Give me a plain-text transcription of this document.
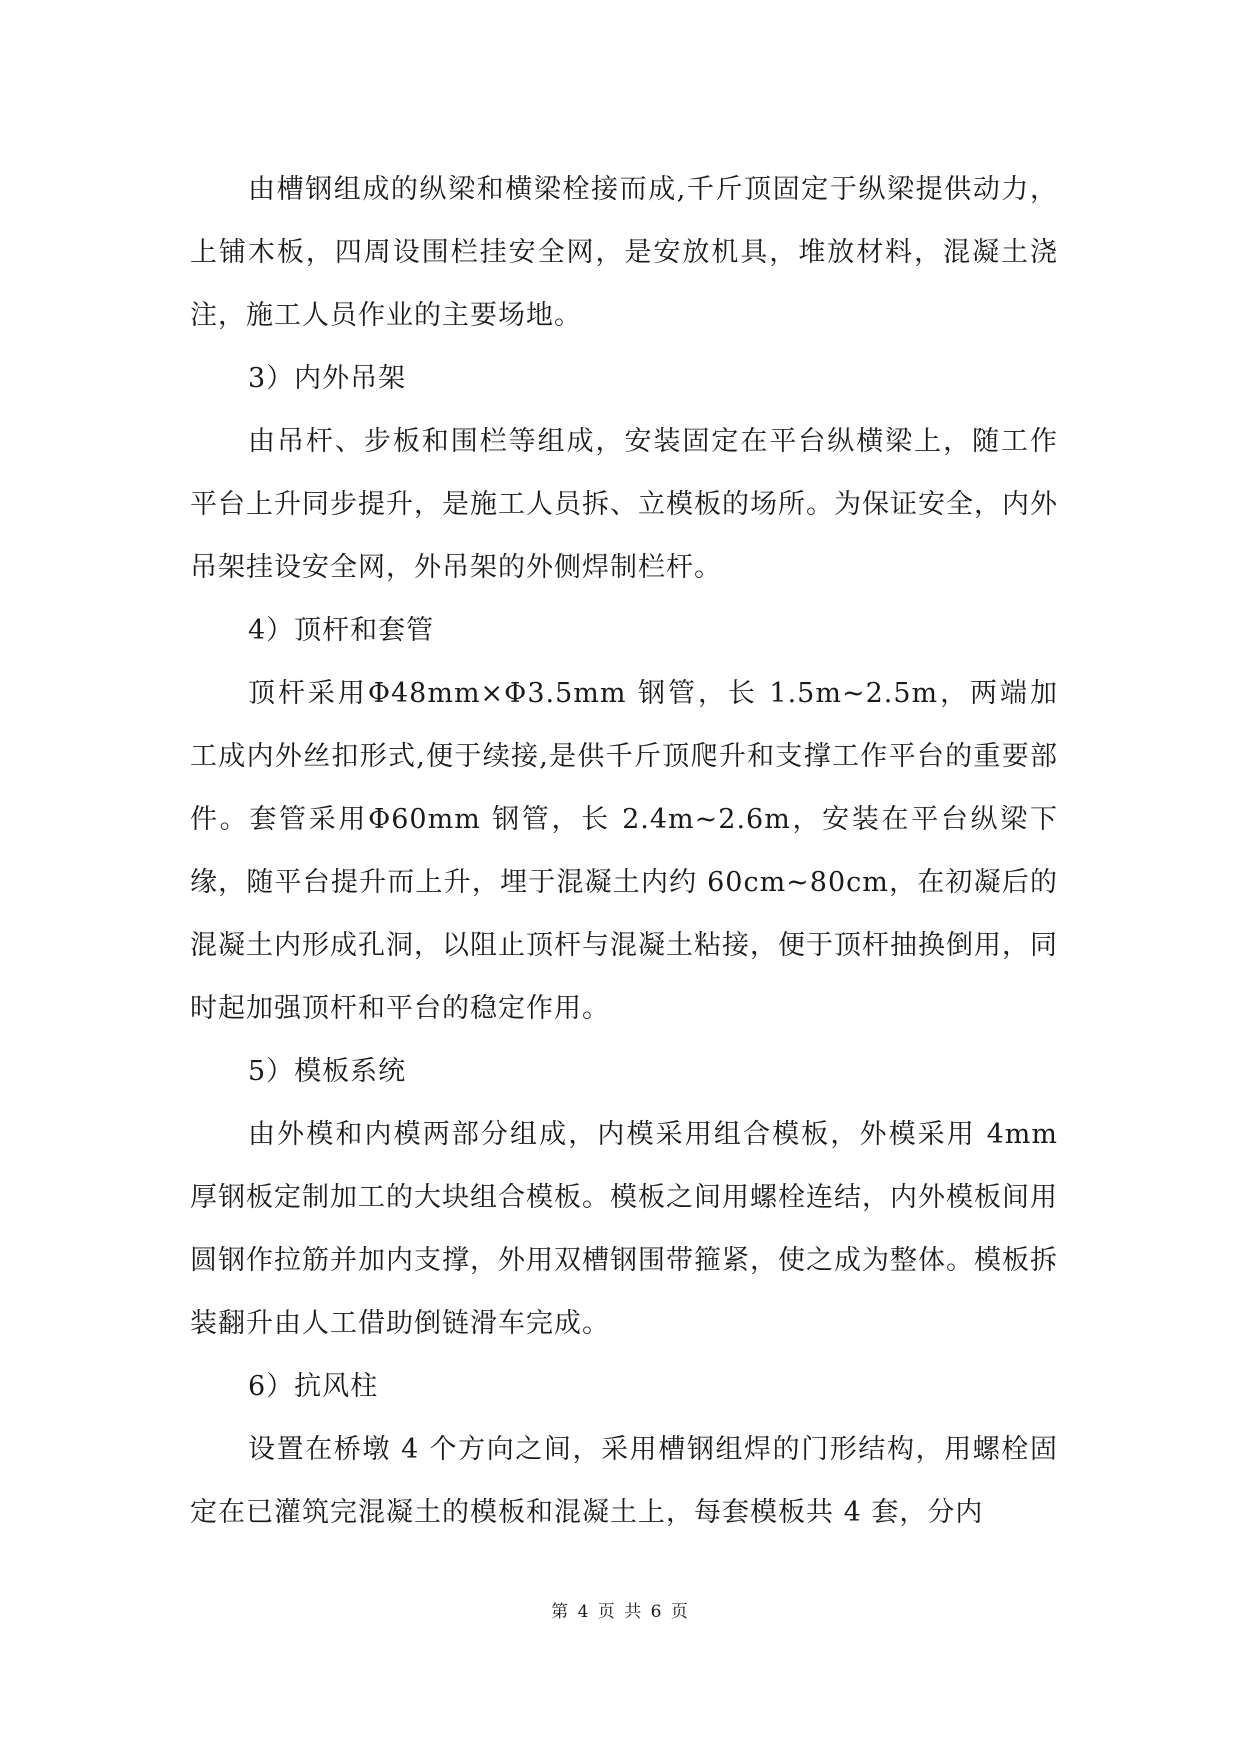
由槽钢组成的纵梁和横梁栓接而成,千斤顶固定于纵梁提供动力，上铺木板，四周设围栏挂安全网，是安放机具，堆放材料，混凝土浇注，施工人员作业的主要场地。

3）内外吊架

由吊杆、步板和围栏等组成，安装固定在平台纵横梁上，随工作平台上升同步提升，是施工人员拆、立模板的场所。为保证安全，内外吊架挂设安全网，外吊架的外侧焊制栏杆。

4）顶杆和套管

顶杆采用Φ48mm×Φ3.5mm 钢管，长 1.5m~2.5m，两端加工成内外丝扣形式,便于续接,是供千斤顶爬升和支撑工作平台的重要部件。套管采用Φ60mm 钢管，长 2.4m~2.6m，安装在平台纵梁下缘，随平台提升而上升，埋于混凝土内约 60cm~80cm，在初凝后的混凝土内形成孔洞，以阻止顶杆与混凝土粘接，便于顶杆抽换倒用，同时起加强顶杆和平台的稳定作用。

5）模板系统

由外模和内模两部分组成，内模采用组合模板，外模采用 4mm 厚钢板定制加工的大块组合模板。模板之间用螺栓连结，内外模板间用圆钢作拉筋并加内支撑，外用双槽钢围带箍紧，使之成为整体。模板拆装翻升由人工借助倒链滑车完成。

6）抗风柱

设置在桥墩 4 个方向之间，采用槽钢组焊的门形结构，用螺栓固定在已灌筑完混凝土的模板和混凝土上，每套模板共 4 套，分内

第 4 页 共 6 页
